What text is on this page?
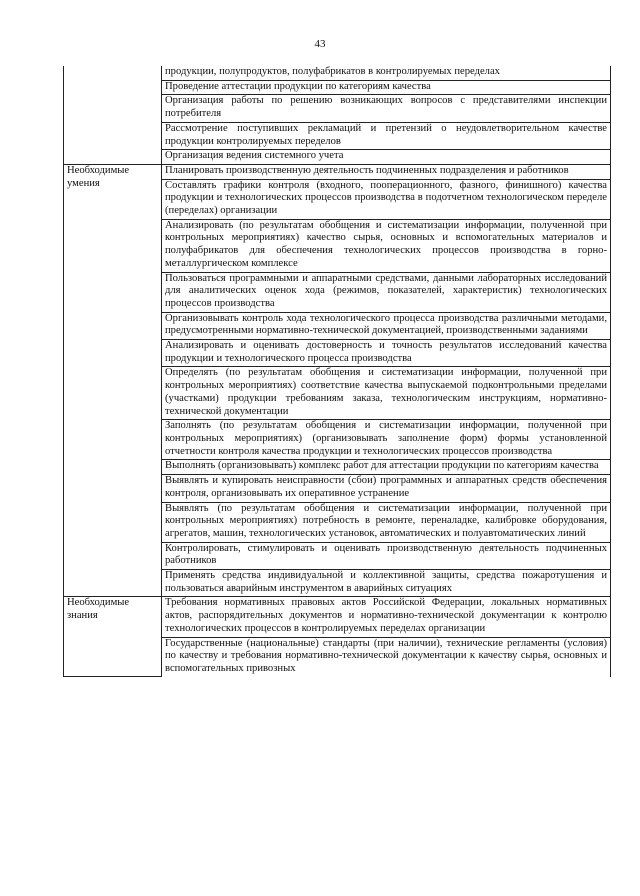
43
	продукции, полупродуктов, полуфабрикатов в контролируемых переделах
	Проведение аттестации продукции по категориям качества
	Организация работы по решению возникающих вопросов с представителями инспекции потребителя
	Рассмотрение поступивших рекламаций и претензий о неудовлетворительном качестве продукции контролируемых переделов
	Организация ведения системного учета
Необходимые умения	Планировать производственную деятельность подчиненных подразделения и работников
	Составлять графики контроля (входного, пооперационного, фазного, финишного) качества продукции и технологических процессов производства в подотчетном технологическом переделе (переделах) организации
	Анализировать (по результатам обобщения и систематизации информации, полученной при контрольных мероприятиях) качество сырья, основных и вспомогательных материалов и полуфабрикатов для обеспечения технологических процессов производства в горно-металлургическом комплексе
	Пользоваться программными и аппаратными средствами, данными лабораторных исследований для аналитических оценок хода (режимов, показателей, характеристик) технологических процессов производства
	Организовывать контроль хода технологического процесса производства различными методами, предусмотренными нормативно-технической документацией, производственными заданиями
	Анализировать и оценивать достоверность и точность результатов исследований качества продукции и технологического процесса производства
	Определять (по результатам обобщения и систематизации информации, полученной при контрольных мероприятиях) соответствие качества выпускаемой подконтрольными пределами (участками) продукции требованиям заказа, технологическим инструкциям, нормативно-технической документации
	Заполнять (по результатам обобщения и систематизации информации, полученной при контрольных мероприятиях) (организовывать заполнение форм) формы установленной отчетности контроля качества продукции и технологических процессов производства
	Выполнять (организовывать) комплекс работ для аттестации продукции по категориям качества
	Выявлять и купировать неисправности (сбои) программных и аппаратных средств обеспечения контроля, организовывать их оперативное устранение
	Выявлять (по результатам обобщения и систематизации информации, полученной при контрольных мероприятиях) потребность в ремонте, переналадке, калибровке оборудования, агрегатов, машин, технологических установок, автоматических и полуавтоматических линий
	Контролировать, стимулировать и оценивать производственную деятельность подчиненных работников
	Применять средства индивидуальной и коллективной защиты, средства пожаротушения и пользоваться аварийным инструментом в аварийных ситуациях
Необходимые знания	Требования нормативных правовых актов Российской Федерации, локальных нормативных актов, распорядительных документов и нормативно-технической документации к контролю технологических процессов в контролируемых переделах организации
	Государственные (национальные) стандарты (при наличии), технические регламенты (условия) по качеству и требования нормативно-технической документации к качеству сырья, основных и вспомогательных привозных
